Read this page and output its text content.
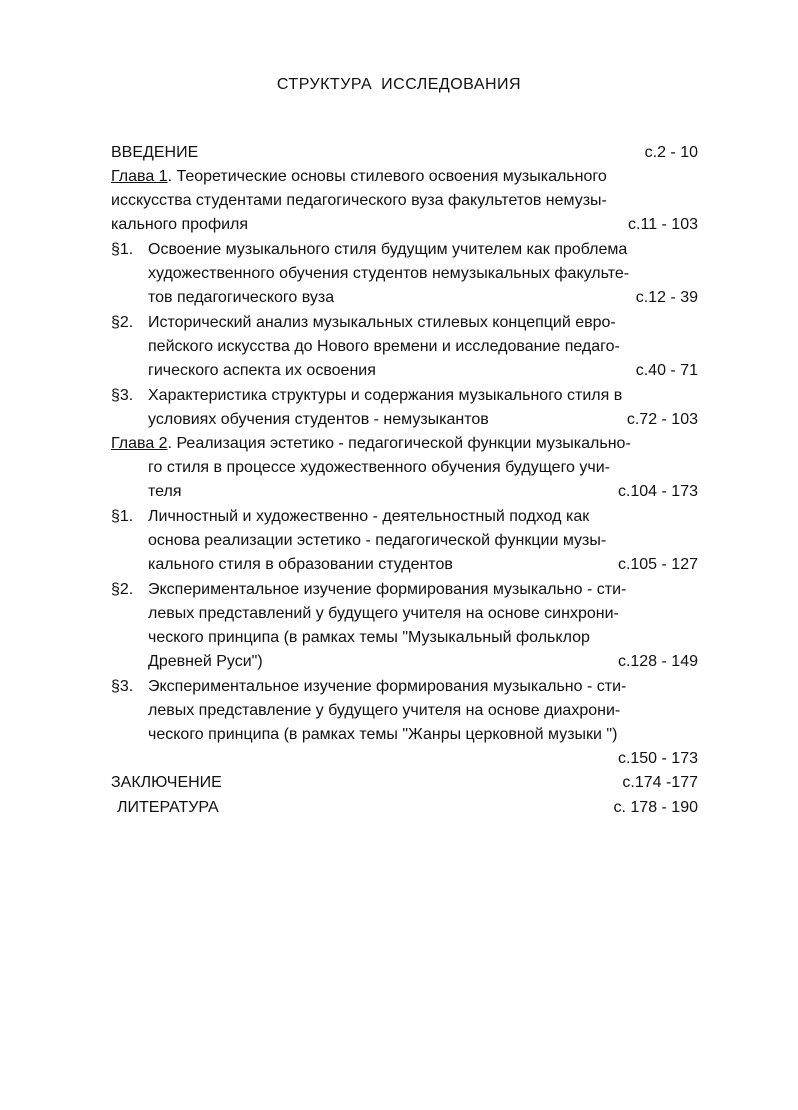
СТРУКТУРА ИССЛЕДОВАНИЯ
ВВЕДЕНИЕ	с.2 - 10
Глава 1. Теоретические основы стилевого освоения музыкального
исскусства студентами педагогического вуза факультетов немузы-
кального профиля	с.11 - 103
§1. Освоение музыкального стиля будущим учителем как проблема
художественного обучения студентов немузыкальных факульте-
тов педагогического вуза	с.12 - 39
§2. Исторический анализ музыкальных стилевых концепций евро-
пейского искусства до Нового времени и исследование педаго-
гического аспекта их освоения	с.40 - 71
§3. Характеристика структуры и содержания музыкального стиля в
условиях обучения студентов - немузыкантов	с.72 - 103
Глава 2. Реализация эстетико - педагогической функции музыкально-
го стиля в процессе художественного обучения будущего учи-
теля	с.104 - 173
§1. Личностный и художественно - деятельностный подход как
основа реализации эстетико - педагогической функции музы-
кального стиля в образовании студентов	с.105 - 127
§2. Экспериментальное изучение формирования музыкально - сти-
левых представлений у будущего учителя на основе синхрони-
ческого принципа (в рамках темы "Музыкальный фольклор
Древней Руси")	с.128 - 149
§3. Экспериментальное изучение формирования музыкально - сти-
левых представление у будущего учителя на основе диахрони-
ческого принципа (в рамках темы "Жанры церковной музыки ")
с.150 - 173
ЗАКЛЮЧЕНИЕ	с.174 -177
ЛИТЕРАТУРА	с. 178 - 190
